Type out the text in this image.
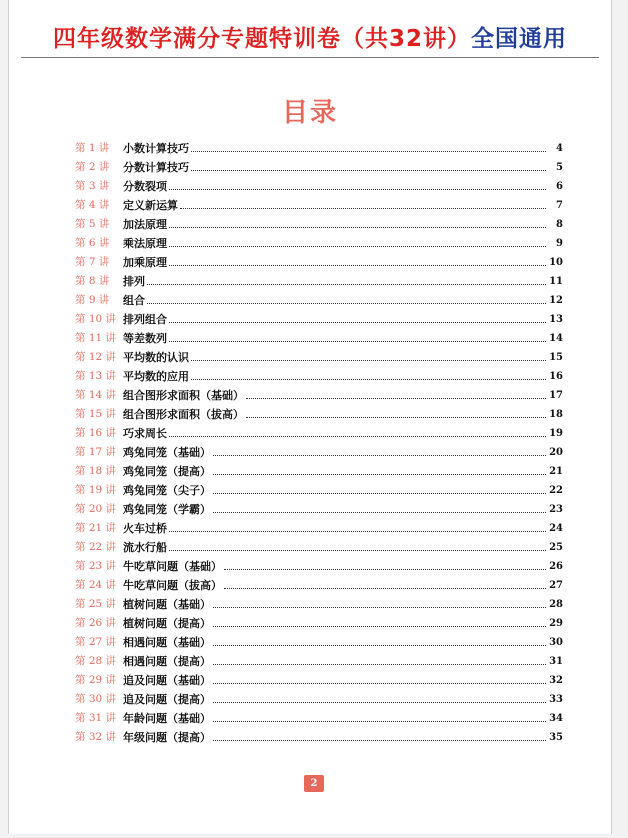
四年级数学满分专题特训卷（共32讲）全国通用
目录
第 1 讲	小数计算技巧	4
第 2 讲	分数计算技巧	5
第 3 讲	分数裂项	6
第 4 讲	定义新运算	7
第 5 讲	加法原理	8
第 6 讲	乘法原理	9
第 7 讲	加乘原理	10
第 8 讲	排列	11
第 9 讲	组合	12
第 10 讲 排列组合	13
第 11 讲 等差数列	14
第 12 讲 平均数的认识	15
第 13 讲 平均数的应用	16
第 14 讲 组合图形求面积（基础）	17
第 15 讲 组合图形求面积（拔高）	18
第 16 讲 巧求周长	19
第 17 讲 鸡兔同笼（基础）	20
第 18 讲 鸡兔同笼（提高）	21
第 19 讲 鸡兔同笼（尖子）	22
第 20 讲 鸡兔同笼（学霸）	23
第 21 讲 火车过桥	24
第 22 讲 流水行船	25
第 23 讲 牛吃草问题（基础）	26
第 24 讲 牛吃草问题（拔高）	27
第 25 讲 植树问题（基础）	28
第 26 讲 植树问题（提高）	29
第 27 讲 相遇问题（基础）	30
第 28 讲 相遇问题（提高）	31
第 29 讲 追及问题（基础）	32
第 30 讲 追及问题（提高）	33
第 31 讲 年龄问题（基础）	34
第 32 讲 年级问题（提高）	35
2
